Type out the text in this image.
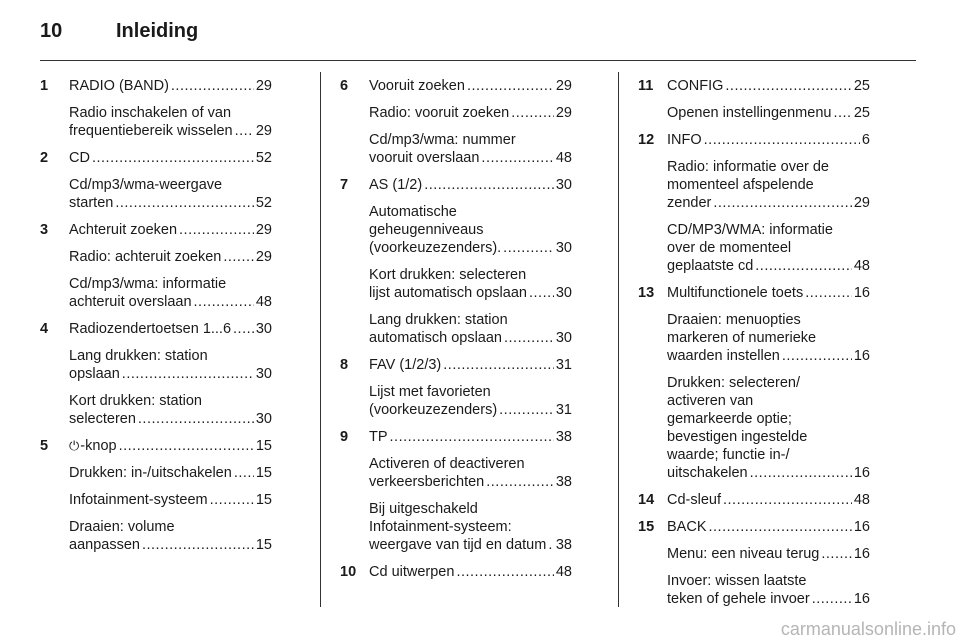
10	Inleiding
1	RADIO (BAND) .....	29
Radio inschakelen of van
frequentiebereik wisselen ..... 29
2	CD .....	52
Cd/mp3/wma-weergave
starten .....	52
3	Achteruit zoeken .....	29
Radio: achteruit zoeken ..... 29
Cd/mp3/wma: informatie
achteruit overslaan .....	48
4	Radiozendertoetsen 1...6 ..... 30
Lang drukken: station
opslaan .....	30
Kort drukken: station
selecteren .....	30
5	⏻ -knop .....	15
Drukken: in-/uitschakelen ..... 15
Infotainment-systeem .....	15
Draaien: volume
aanpassen .....	15
6	Vooruit zoeken .....	29
Radio: vooruit zoeken .....	29
Cd/mp3/wma: nummer
vooruit overslaan .....	48
7	AS (1/2) .....	30
Automatische
geheugenniveaus
(voorkeuzezenders). .....	30
Kort drukken: selecteren
lijst automatisch opslaan ..... 30
Lang drukken: station
automatisch opslaan .....	30
8	FAV (1/2/3) .....	31
Lijst met favorieten
(voorkeuzezenders) .....	31
9	TP .....	38
Activeren of deactiveren
verkeersberichten .....	38
Bij uitgeschakeld
Infotainment-systeem:
weergave van tijd en datum ..... 38
10 Cd uitwerpen .....	48
11 CONFIG .....	25
Openen instellingenmenu ..... 25
12 INFO .....	6
Radio: informatie over de
momenteel afspelende
zender .....	29
CD/MP3/WMA: informatie
over de momenteel
geplaatste cd .....	48
13 Multifunctionele toets .....	16
Draaien: menuopties
markeren of numerieke
waarden instellen .....	16
Drukken: selecteren/
activeren van
gemarkeerde optie;
bevestigen ingestelde
waarde; functie in-/
uitschakelen .....	16
14 Cd-sleuf .....	48
15 BACK .....	16
Menu: een niveau terug ..... 16
Invoer: wissen laatste
teken of gehele invoer .....	16
carmanualsonline.info
